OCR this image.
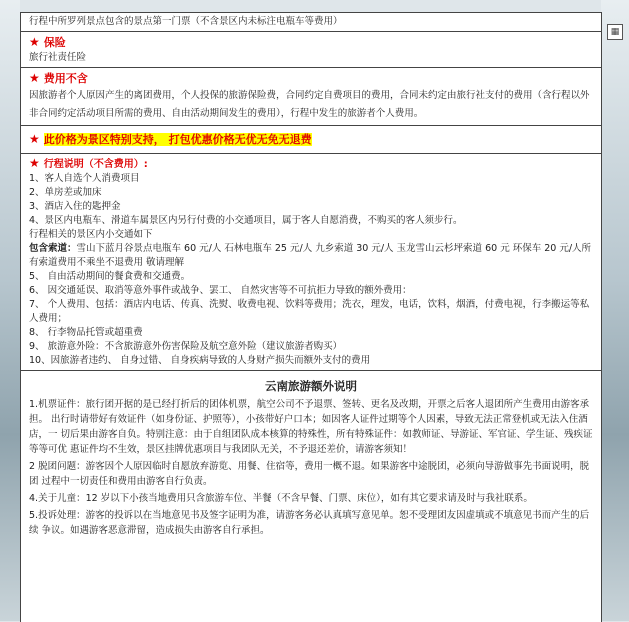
▦
行程中所罗列景点包含的景点第一门票（不含景区内未标注电瓶车等费用）
★ 保险
旅行社责任险
★ 费用不含
因旅游者个人原因产生的离团费用，个人投保的旅游保险费，合同约定自费项目的费用，合同未约定由旅行社支付的费用（含行程以外 非合同约定活动项目所需的费用、自由活动期间发生的费用），行程中发生的旅游者个人费用。
★ 此价格为景区特别支持， 打包优惠价格无优无免无退费
★ 行程说明（不含费用）:
1、客人自选个人消费项目
2、单房差或加床
3、酒店入住的匙押金
4、景区内电瓶车、滑道车属景区内另行付费的小交通项目，属于客人自愿消费，不购买的客人须步行。
行程相关的景区内小交通如下
包含索道：雪山下蓝月谷景点电瓶车 60 元/人 石林电瓶车 25 元/人 九乡索道 30 元/人 玉龙雪山云杉坪索道 60 元 环保车 20 元/人所有索道费用不乘坐不退费用 敬请理解
5、 自由活动期间的餐食费和交通费。
6、 因交通延误、取消等意外事件或战争、罢工、 自然灾害等不可抗拒力导致的额外费用：
7、 个人费用、包括：酒店内电话、传真、洗熨、收费电视、饮料等费用；洗衣，理发，电话，饮料，烟酒，付费电视，行李搬运等私 人费用；
8、 行李物品托管或超重费
9、 旅游意外险：不含旅游意外伤害保险及航空意外险（建议旅游者购买）
10、因旅游者违约、 自身过错、 自身疾病导致的人身财产损失而额外支付的费用
云南旅游额外说明
1.机票证件：旅行团开据的是已经打折后的团体机票，航空公司不予退票、签转、更名及改期，开票之后客人退团所产生费用由游客承担。 出行时请带好有效证件（如身份证、护照等），小孩带好户口本；如因客人证件过期等个人因素，导致无法正常登机或无法入住酒店，一 切后果由游客自负。特别注意：由于自组团队成本核算的特殊性，所有特殊证件：如教师证、导游证、军官证、学生证、残疾证等等可优 惠证件均不生效，景区挂牌优惠项目与我团队无关，不予退还差价，请游客须知！
2 脱团问题：游客因个人原因临时自愿放弃游览、用餐、住宿等，费用一概不退。如果游客中途脱团，必须向导游做事先书面说明，脱团 过程中一切责任和费用由游客自行负责。
4.关于儿童：12 岁以下小孩当地费用只含旅游车位、半餐（不含早餐、门票、床位），如有其它要求请及时与我社联系。
5.投诉处理：游客的投诉以在当地意见书及签字证明为准，请游客务必认真填写意见单。恕不受理团友因虚填或不填意见书而产生的后续 争议。如遇游客恶意滞留，造成损失由游客自行承担。
